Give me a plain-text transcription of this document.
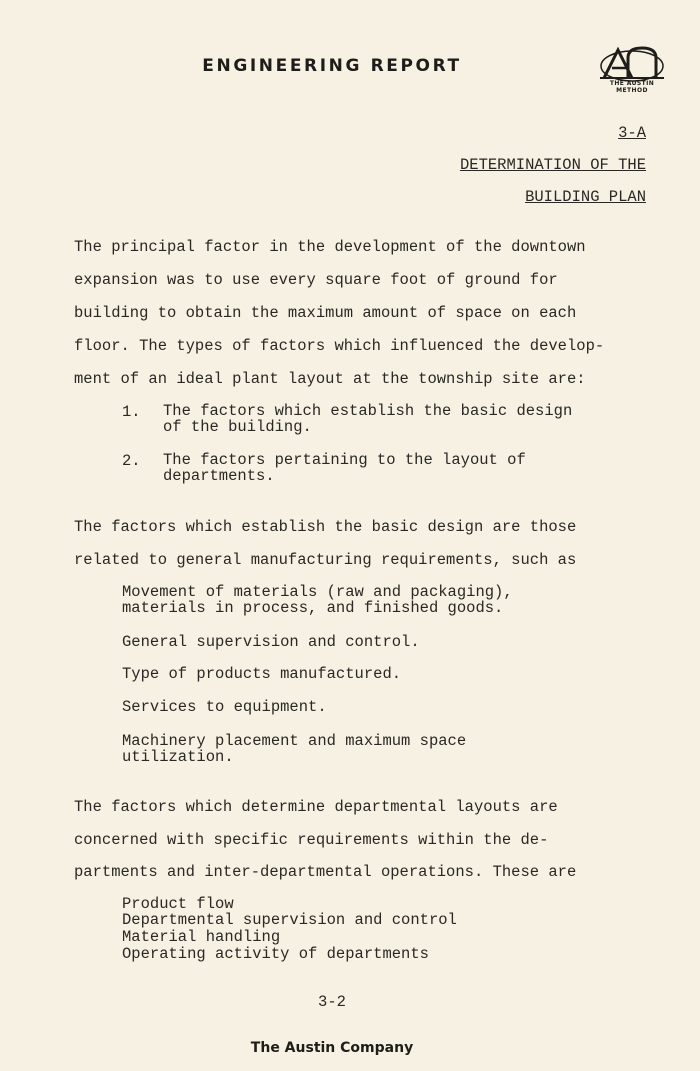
ENGINEERING REPORT
THE AUSTIN METHOD
3-A
DETERMINATION OF THE
BUILDING PLAN
The principal factor in the development of the downtown
expansion was to use every square foot of ground for
building to obtain the maximum amount of space on each
floor. The types of factors which influenced the develop-
ment of an ideal plant layout at the township site are:
1. The factors which establish the basic design
of the building.
2. The factors pertaining to the layout of
departments.
The factors which establish the basic design are those
related to general manufacturing requirements, such as
Movement of materials (raw and packaging),
materials in process, and finished goods.
General supervision and control.
Type of products manufactured.
Services to equipment.
Machinery placement and maximum space
utilization.
The factors which determine departmental layouts are
concerned with specific requirements within the de-
partments and inter-departmental operations. These are
Product flow
Departmental supervision and control
Material handling
Operating activity of departments
3-2
The Austin Company
